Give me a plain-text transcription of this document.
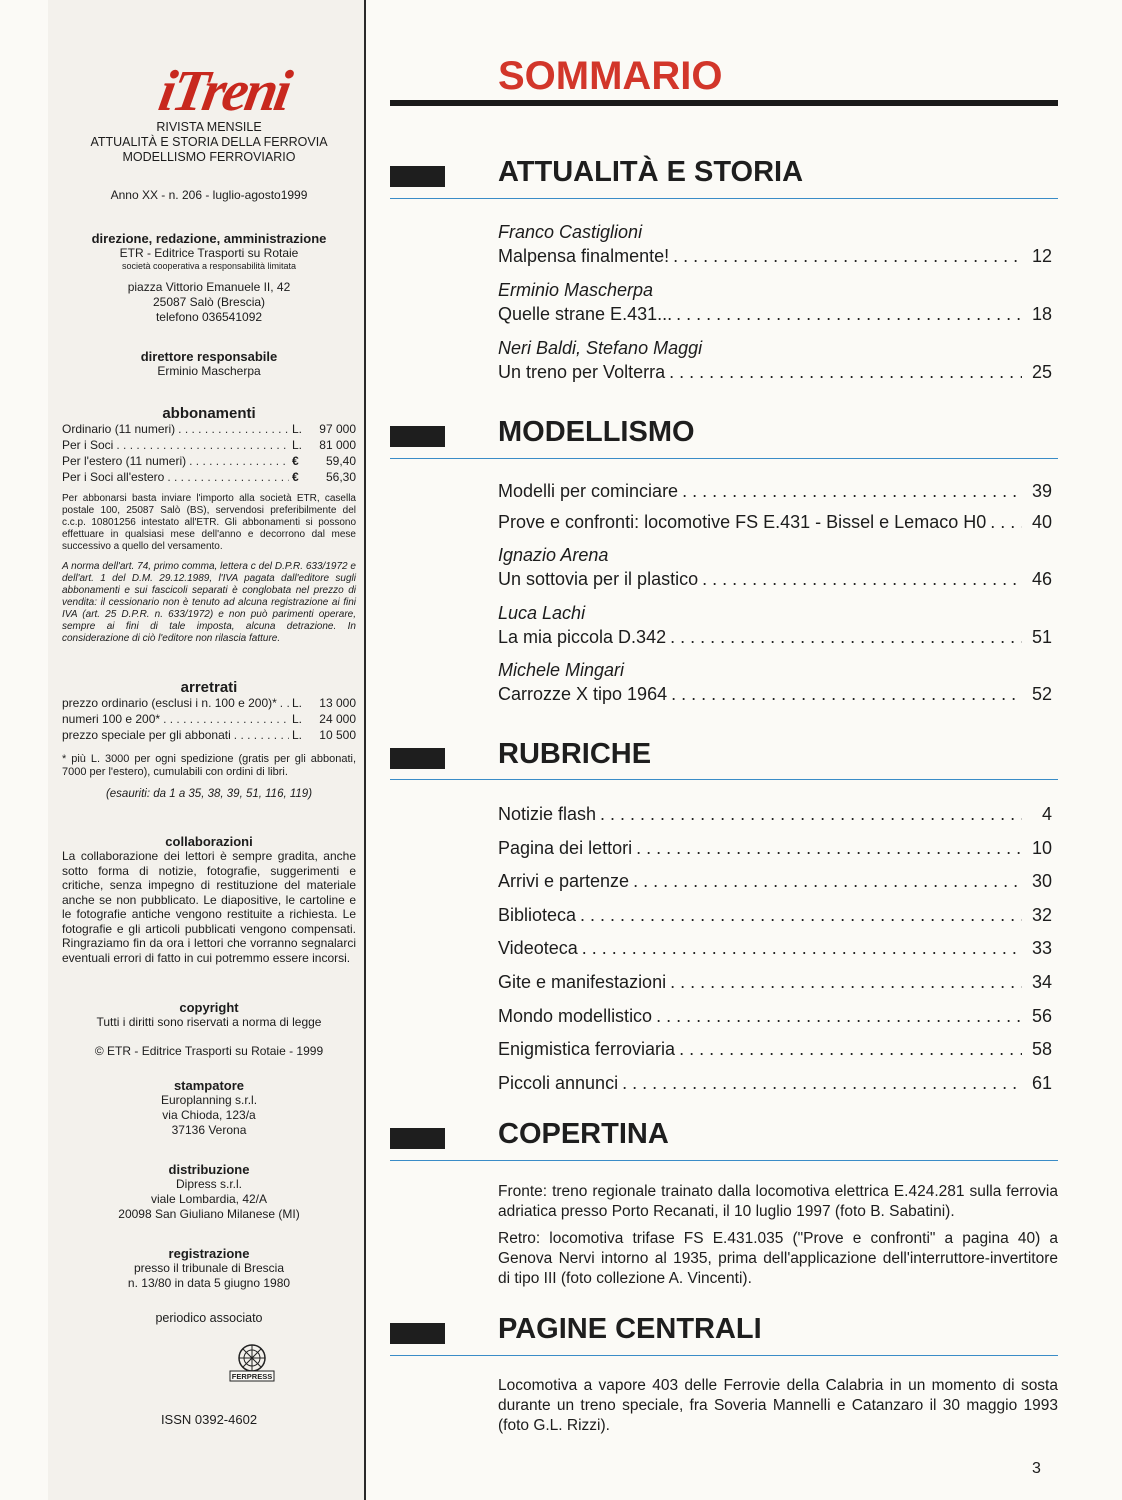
iTreni
RIVISTA MENSILE
ATTUALITÀ E STORIA DELLA FERROVIA
MODELLISMO FERROVIARIO
Anno XX - n. 206 - luglio-agosto1999
direzione, redazione, amministrazione
ETR - Editrice Trasporti su Rotaie
società cooperativa a responsabilità limitata
piazza Vittorio Emanuele II, 42
25087 Salò (Brescia)
telefono 036541092
direttore responsabile
Erminio Mascherpa
abbonamenti
Ordinario (11 numeri) . . .	L.	97 000
Per i Soci . . .	L.	81 000
Per l'estero (11 numeri) . . .	€	59,40
Per i Soci all'estero . . .	€	56,30
Per abbonarsi basta inviare l'importo alla società ETR, casella postale 100, 25087 Salò (BS), servendosi preferibilmente del c.c.p. 10801256 intestato all'ETR. Gli abbonamenti si possono effettuare in qualsiasi mese dell'anno e decorrono dal mese successivo a quello del versamento.
A norma dell'art. 74, primo comma, lettera c del D.P.R. 633/1972 e dell'art. 1 del D.M. 29.12.1989, l'IVA pagata dall'editore sugli abbonamenti e sui fascicoli separati è conglobata nel prezzo di vendita: il cessionario non è tenuto ad alcuna registrazione ai fini IVA (art. 25 D.P.R. n. 633/1972) e non può parimenti operare, sempre ai fini di tale imposta, alcuna detrazione. In considerazione di ciò l'editore non rilascia fatture.
arretrati
prezzo ordinario (esclusi i n. 100 e 200)* . . . L.	13 000
numeri 100 e 200* . . .	L.	24 000
prezzo speciale per gli abbonati . . .	L.	10 500
* più L. 3000 per ogni spedizione (gratis per gli abbonati, 7000 per l'estero), cumulabili con ordini di libri.
(esauriti: da 1 a 35, 38, 39, 51, 116, 119)
collaborazioni
La collaborazione dei lettori è sempre gradita, anche sotto forma di notizie, fotografie, suggerimenti e critiche, senza impegno di restituzione del materiale anche se non pubblicato. Le diapositive, le cartoline e le fotografie antiche vengono restituite a richiesta. Le fotografie e gli articoli pubblicati vengono compensati. Ringraziamo fin da ora i lettori che vorranno segnalarci eventuali errori di fatto in cui potremmo essere incorsi.
copyright
Tutti i diritti sono riservati a norma di legge
© ETR - Editrice Trasporti su Rotaie - 1999
stampatore
Europlanning s.r.l.
via Chioda, 123/a
37136 Verona
distribuzione
Dipress s.r.l.
viale Lombardia, 42/A
20098 San Giuliano Milanese (MI)
registrazione
presso il tribunale di Brescia
n. 13/80 in data 5 giugno 1980
periodico associato
FERPRESS
ISSN 0392-4602
SOMMARIO
ATTUALITÀ E STORIA
Franco Castiglioni
Malpensa finalmente! . . .	12
Erminio Mascherpa
Quelle strane E.431... . . .	18
Neri Baldi, Stefano Maggi
Un treno per Volterra . . .	25
MODELLISMO
Modelli per cominciare . . .	39
Prove e confronti: locomotive FS E.431 - Bissel e Lemaco H0 . . .	40
Ignazio Arena
Un sottovia per il plastico . . .	46
Luca Lachi
La mia piccola D.342 . . .	51
Michele Mingari
Carrozze X tipo 1964 . . .	52
RUBRICHE
Notizie flash . . .	4
Pagina dei lettori . . .	10
Arrivi e partenze . . .	30
Biblioteca . . .	32
Videoteca . . .	33
Gite e manifestazioni . . .	34
Mondo modellistico . . .	56
Enigmistica ferroviaria . . .	58
Piccoli annunci . . .	61
COPERTINA
Fronte: treno regionale trainato dalla locomotiva elettrica E.424.281 sulla ferrovia adriatica presso Porto Recanati, il 10 luglio 1997 (foto B. Sabatini).
Retro: locomotiva trifase FS E.431.035 ("Prove e confronti" a pagina 40) a Genova Nervi intorno al 1935, prima dell'applicazione dell'interruttore-invertitore di tipo III (foto collezione A. Vincenti).
PAGINE CENTRALI
Locomotiva a vapore 403 delle Ferrovie della Calabria in un momento di sosta durante un treno speciale, fra Soveria Mannelli e Catanzaro il 30 maggio 1993 (foto G.L. Rizzi).
3
